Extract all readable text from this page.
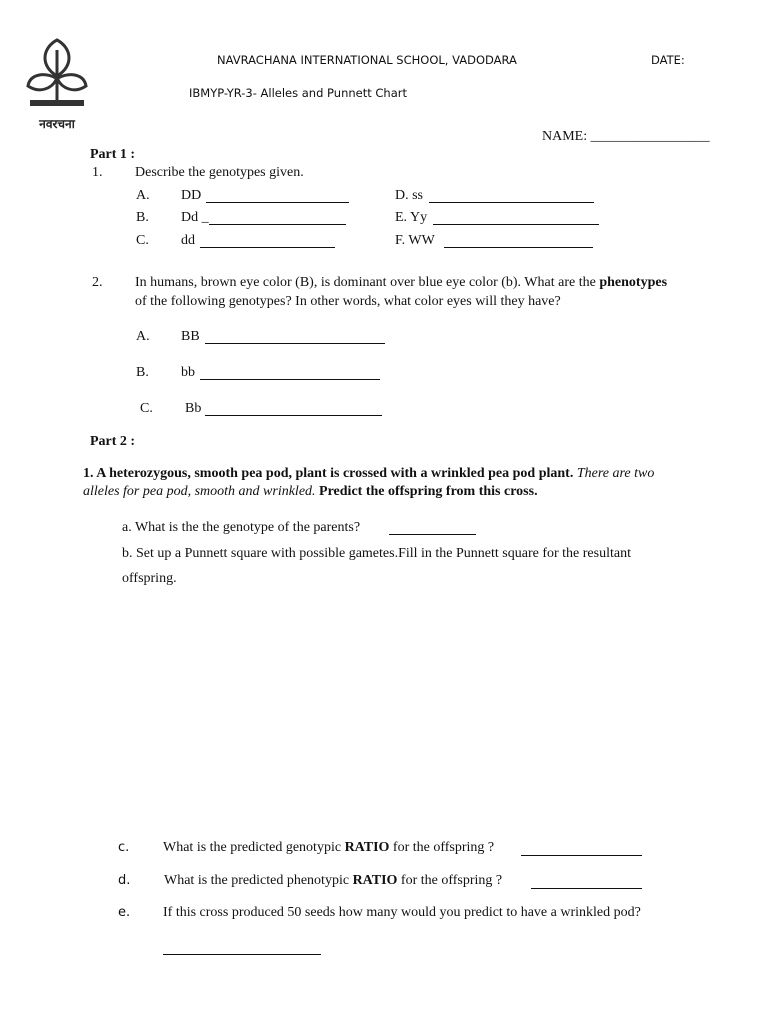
नवरचना
NAVRACHANA INTERNATIONAL SCHOOL, VADODARA	DATE:
IBMYP-YR-3- Alleles and Punnett Chart
NAME: _________________
Part 1 :
1. Describe the genotypes given.
A. DD
B. Dd _
C. dd
D. ss
E. Yy
F. WW
2. In humans, brown eye color (B), is dominant over blue eye color (b). What are the phenotypes
of the following genotypes? In other words, what color eyes will they have?
A. BB
B. bb
C. Bb
Part 2 :
1. A heterozygous, smooth pea pod, plant is crossed with a wrinkled pea pod plant. There are two
alleles for pea pod, smooth and wrinkled. Predict the offspring from this cross.
a. What is the the genotype of the parents?
b. Set up a Punnett square with possible gametes.Fill in the Punnett square for the resultant
offspring.
c. What is the predicted genotypic RATIO for the offspring ?
d. What is the predicted phenotypic RATIO for the offspring ?
e. If this cross produced 50 seeds how many would you predict to have a wrinkled pod?
